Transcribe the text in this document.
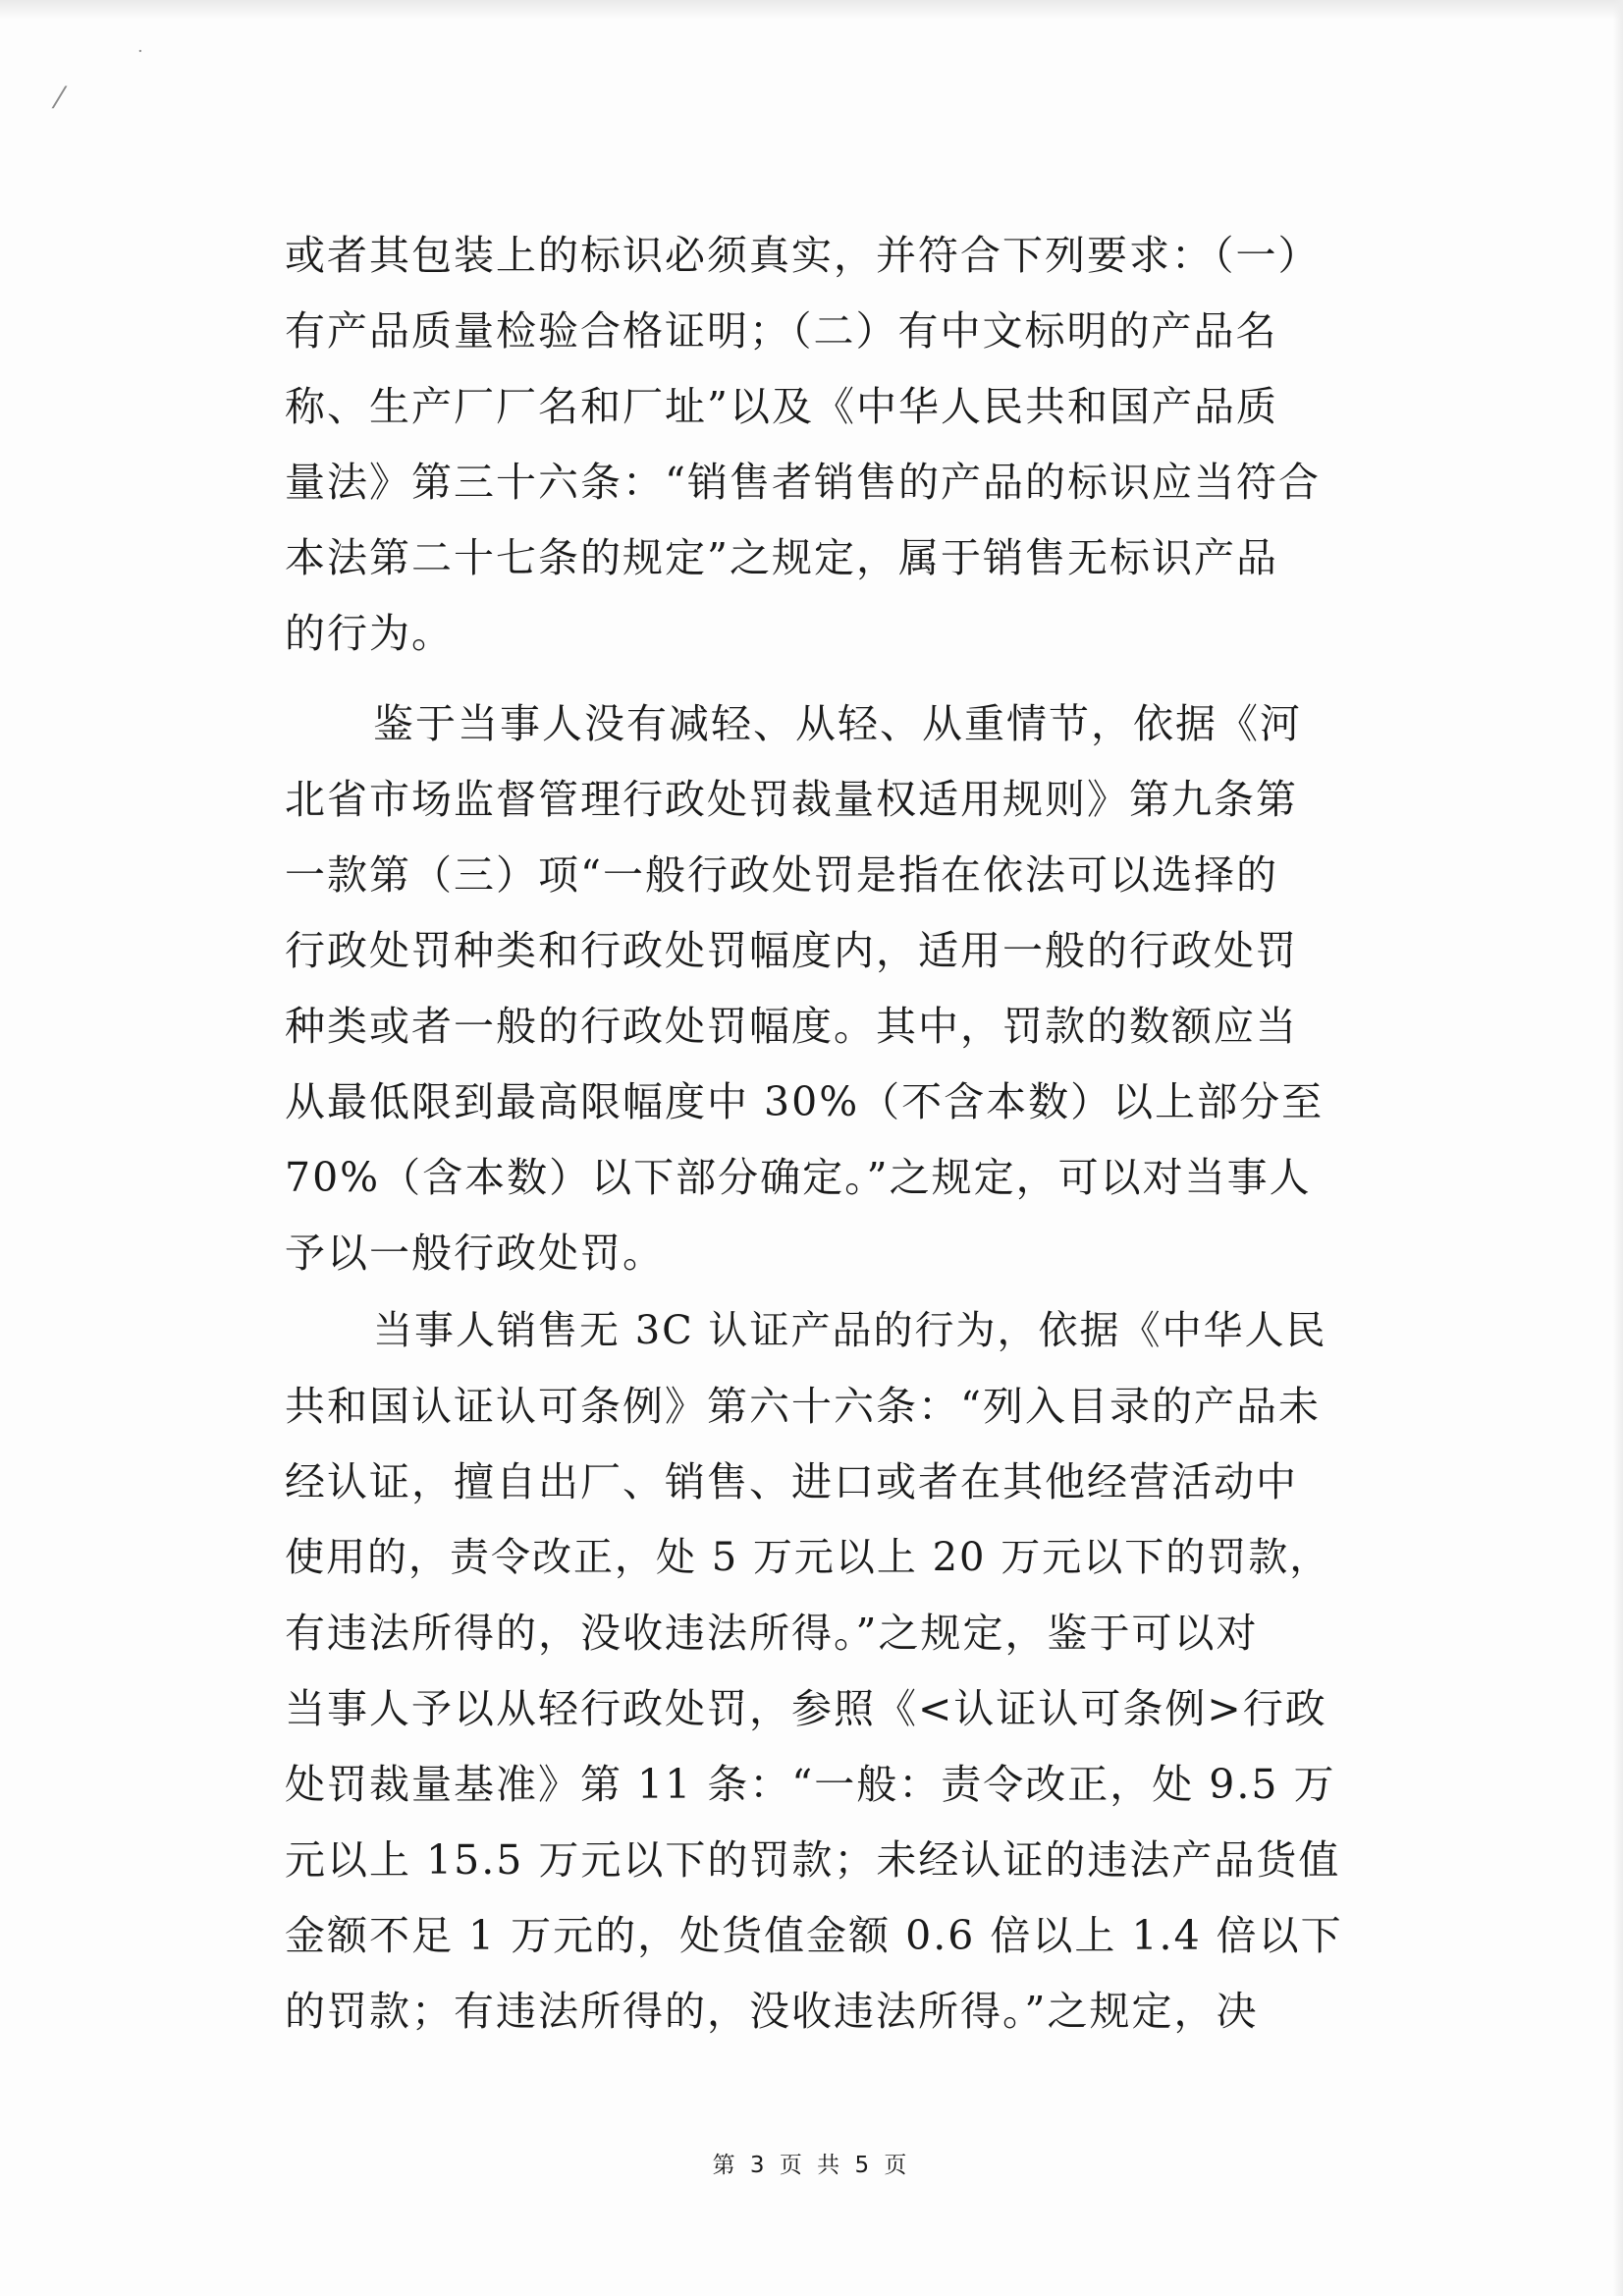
·
⁄
或者其包装上的标识必须真实，并符合下列要求：（一）
有产品质量检验合格证明；（二）有中文标明的产品名
称、生产厂厂名和厂址”以及《中华人民共和国产品质
量法》第三十六条：“销售者销售的产品的标识应当符合
本法第二十七条的规定”之规定，属于销售无标识产品
的行为。
鉴于当事人没有减轻、从轻、从重情节，依据《河
北省市场监督管理行政处罚裁量权适用规则》第九条第
一款第（三）项“一般行政处罚是指在依法可以选择的
行政处罚种类和行政处罚幅度内，适用一般的行政处罚
种类或者一般的行政处罚幅度。其中，罚款的数额应当
从最低限到最高限幅度中 30%（不含本数）以上部分至
70%（含本数）以下部分确定。”之规定，可以对当事人
予以一般行政处罚。
当事人销售无 3C 认证产品的行为，依据《中华人民
共和国认证认可条例》第六十六条：“列入目录的产品未
经认证，擅自出厂、销售、进口或者在其他经营活动中
使用的，责令改正，处 5 万元以上 20 万元以下的罚款，
有违法所得的，没收违法所得。”之规定，鉴于可以对
当事人予以从轻行政处罚，参照《<认证认可条例>行政
处罚裁量基准》第 11 条：“一般：责令改正，处 9.5 万
元以上 15.5 万元以下的罚款；未经认证的违法产品货值
金额不足 1 万元的，处货值金额 0.6 倍以上 1.4 倍以下
的罚款；有违法所得的，没收违法所得。”之规定，决
第 3 页 共 5 页
